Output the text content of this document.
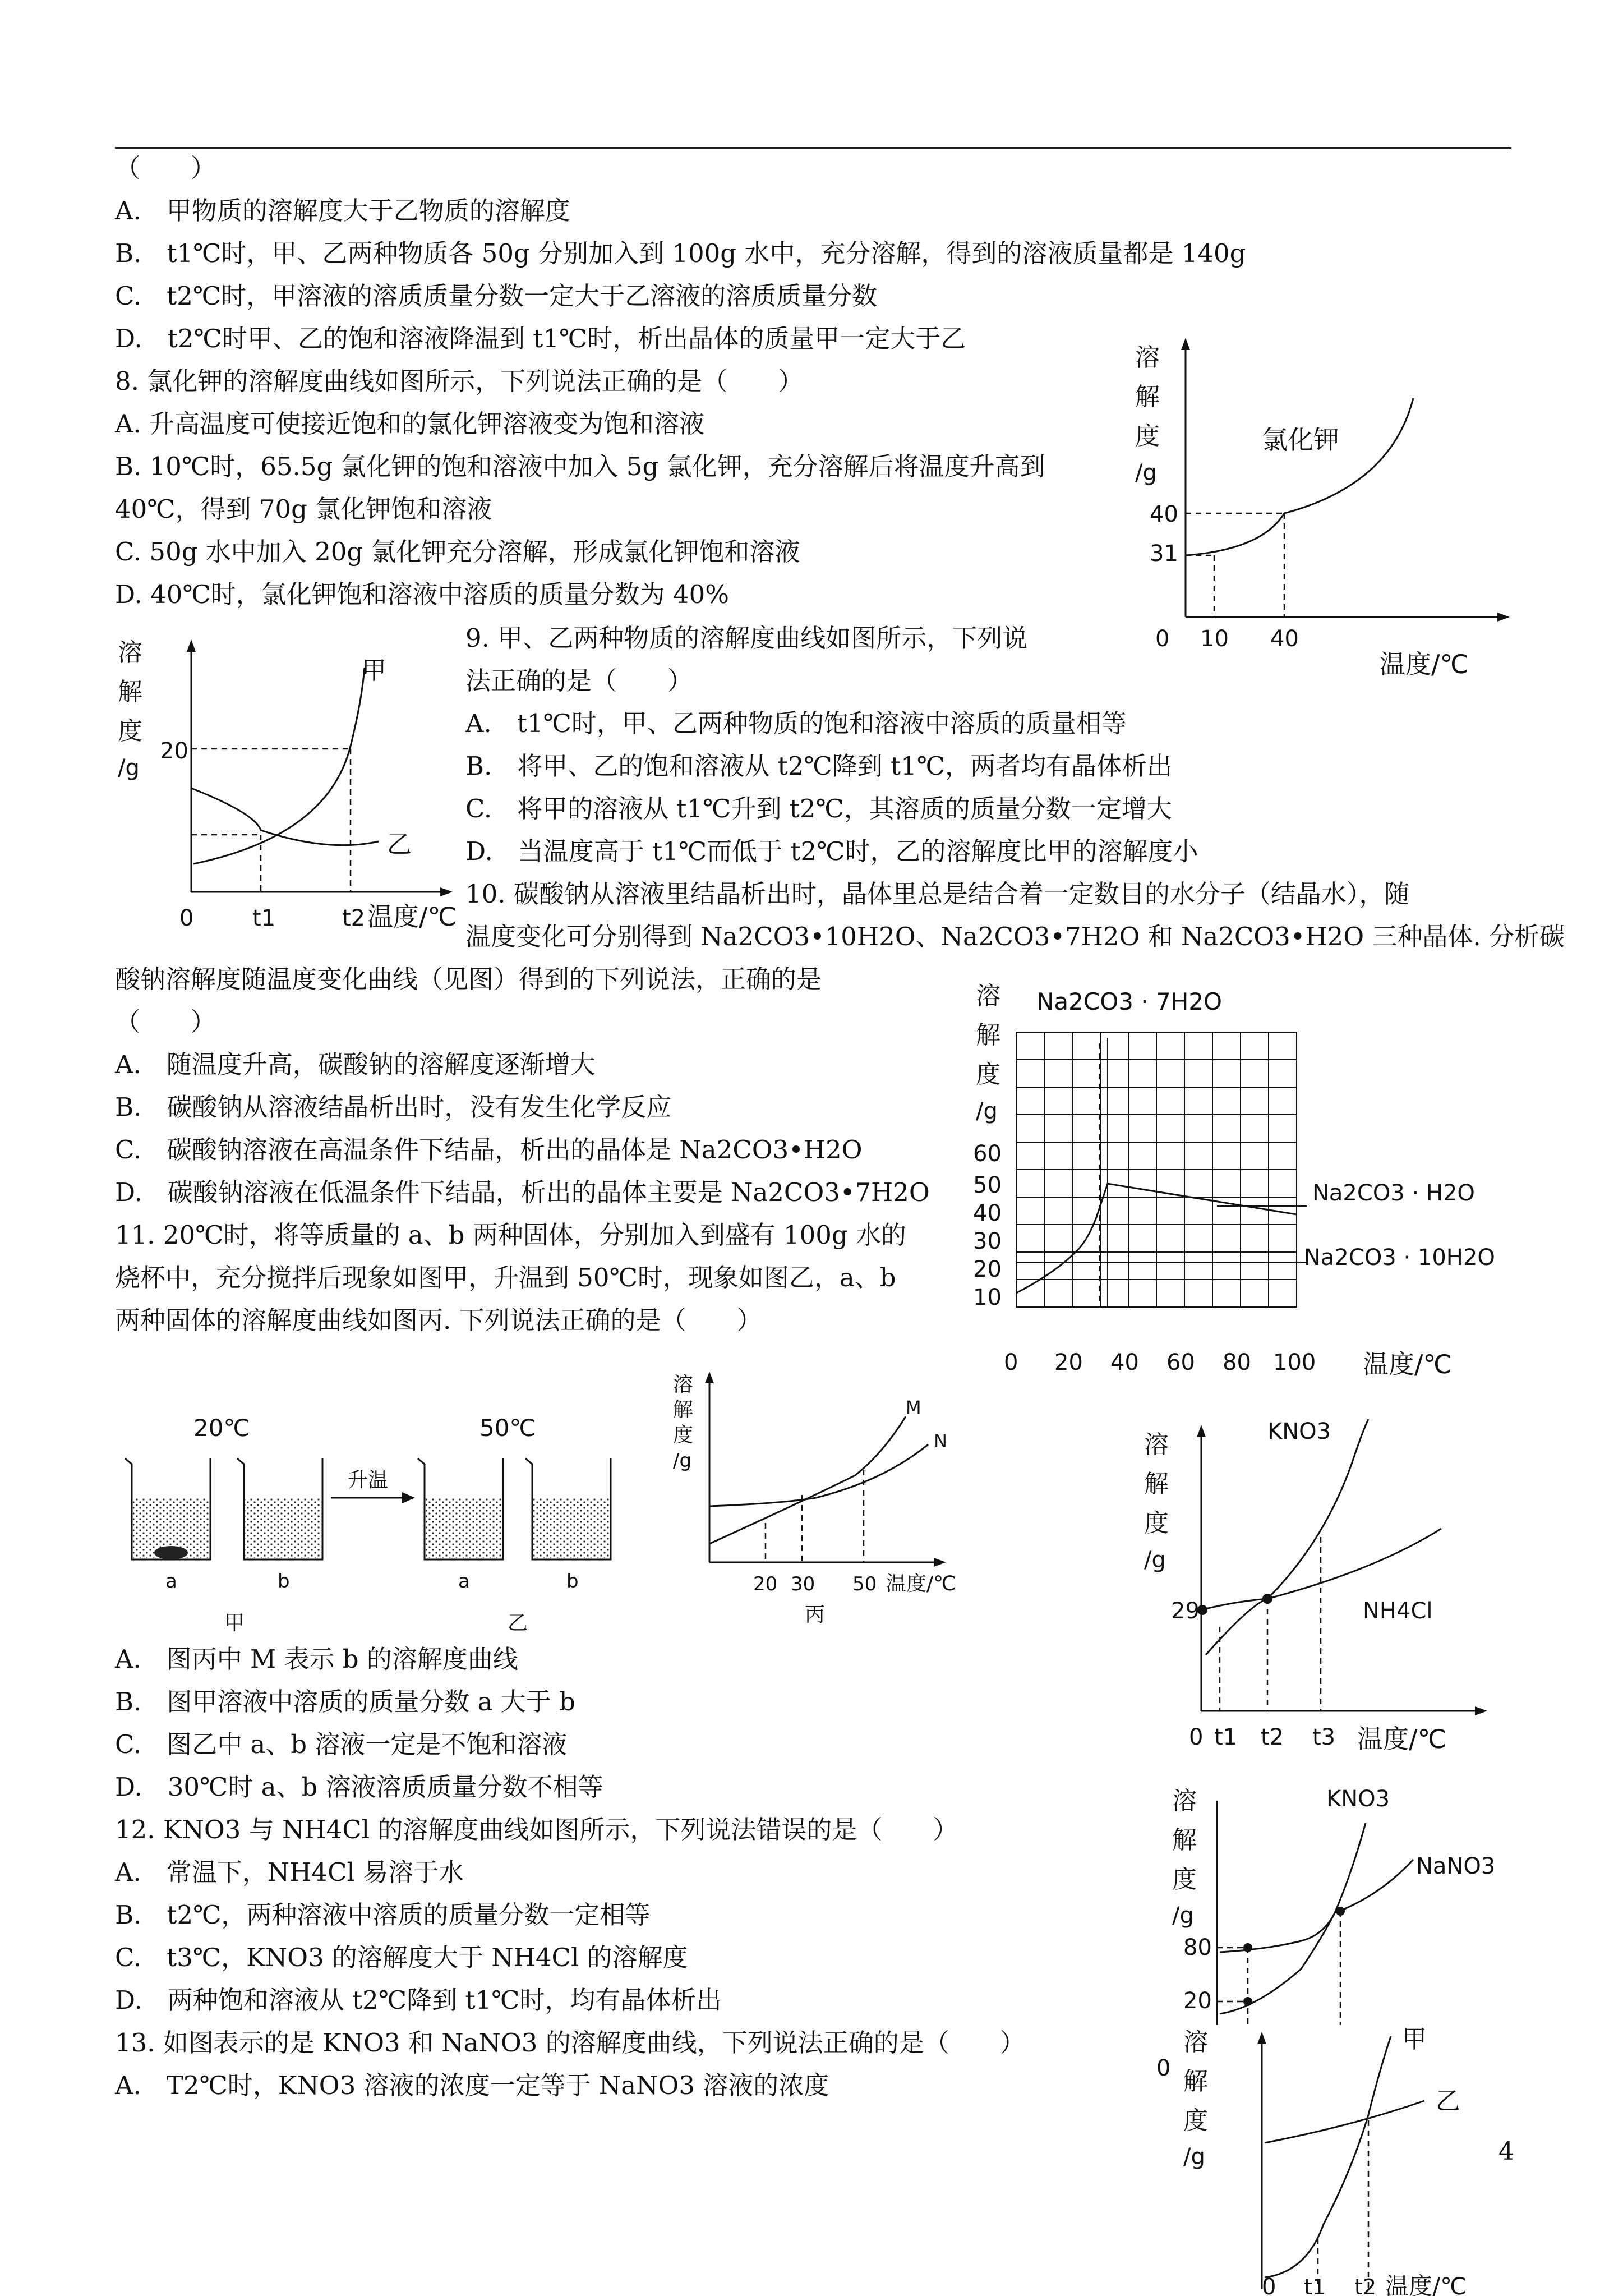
（　　）
A.　甲物质的溶解度大于乙物质的溶解度
B.　t1℃时，甲、乙两种物质各 50g 分别加入到 100g 水中，充分溶解，得到的溶液质量都是 140g
C.　t2℃时，甲溶液的溶质质量分数一定大于乙溶液的溶质质量分数
D.　t2℃时甲、乙的饱和溶液降温到 t1℃时，析出晶体的质量甲一定大于乙
8. 氯化钾的溶解度曲线如图所示，下列说法正确的是（　　）
A. 升高温度可使接近饱和的氯化钾溶液变为饱和溶液
B. 10℃时，65.5g 氯化钾的饱和溶液中加入 5g 氯化钾，充分溶解后将温度升高到
40℃，得到 70g 氯化钾饱和溶液
C. 50g 水中加入 20g 氯化钾充分溶解，形成氯化钾饱和溶液
D. 40℃时，氯化钾饱和溶液中溶质的质量分数为 40%
9. 甲、乙两种物质的溶解度曲线如图所示，下列说
法正确的是（　　）
A.　t1℃时，甲、乙两种物质的饱和溶液中溶质的质量相等
B.　将甲、乙的饱和溶液从 t2℃降到 t1℃，两者均有晶体析出
C.　将甲的溶液从 t1℃升到 t2℃，其溶质的质量分数一定增大
D.　当温度高于 t1℃而低于 t2℃时，乙的溶解度比甲的溶解度小
10. 碳酸钠从溶液里结晶析出时，晶体里总是结合着一定数目的水分子（结晶水），随
温度变化可分别得到 Na2CO3•10H2O、Na2CO3•7H2O 和 Na2CO3•H2O 三种晶体. 分析碳
酸钠溶解度随温度变化曲线（见图）得到的下列说法，正确的是
（　　）
A.　随温度升高，碳酸钠的溶解度逐渐增大
B.　碳酸钠从溶液结晶析出时，没有发生化学反应
C.　碳酸钠溶液在高温条件下结晶，析出的晶体是 Na2CO3•H2O
D.　碳酸钠溶液在低温条件下结晶，析出的晶体主要是 Na2CO3•7H2O
11. 20℃时，将等质量的 a、b 两种固体，分别加入到盛有 100g 水的
烧杯中，充分搅拌后现象如图甲，升温到 50℃时，现象如图乙，a、b
两种固体的溶解度曲线如图丙. 下列说法正确的是（　　）
A.　图丙中 M 表示 b 的溶解度曲线
B.　图甲溶液中溶质的质量分数 a 大于 b
C.　图乙中 a、b 溶液一定是不饱和溶液
D.　30℃时 a、b 溶液溶质质量分数不相等
12. KNO3 与 NH4Cl 的溶解度曲线如图所示，下列说法错误的是（　　）
A.　常温下，NH4Cl 易溶于水
B.　t2℃，两种溶液中溶质的质量分数一定相等
C.　t3℃，KNO3 的溶解度大于 NH4Cl 的溶解度
D.　两种饱和溶液从 t2℃降到 t1℃时，均有晶体析出
13. 如图表示的是 KNO3 和 NaNO3 的溶解度曲线，下列说法正确的是（　　）
A.　T2℃时，KNO3 溶液的浓度一定等于 NaNO3 溶液的浓度
4
溶
解
度
/g
氯化钾
40
31
0 10 40
温度/℃
溶
解
度
/g
甲
乙
20
0	t1	t2 温度/℃
溶
解
度
/g
Na2CO3 · 7H2O
Na2CO3 · H2O
Na2CO3 · 10H2O
60
50
40
30
20
10
0 20 40 60 80 100 温度/℃
20℃	50℃
升温
a	b	a	b
甲	乙
溶
解
度
/g
M
N
20 30 50 温度/℃
丙
溶
解
度
/g
KNO3
NH4Cl
29
0 t1 t2 t3 温度/℃
溶
解
度
/g
KNO3
NaNO3
80
20
溶
解
度
/g
0
甲
乙
0 t1 t2 温度/℃
